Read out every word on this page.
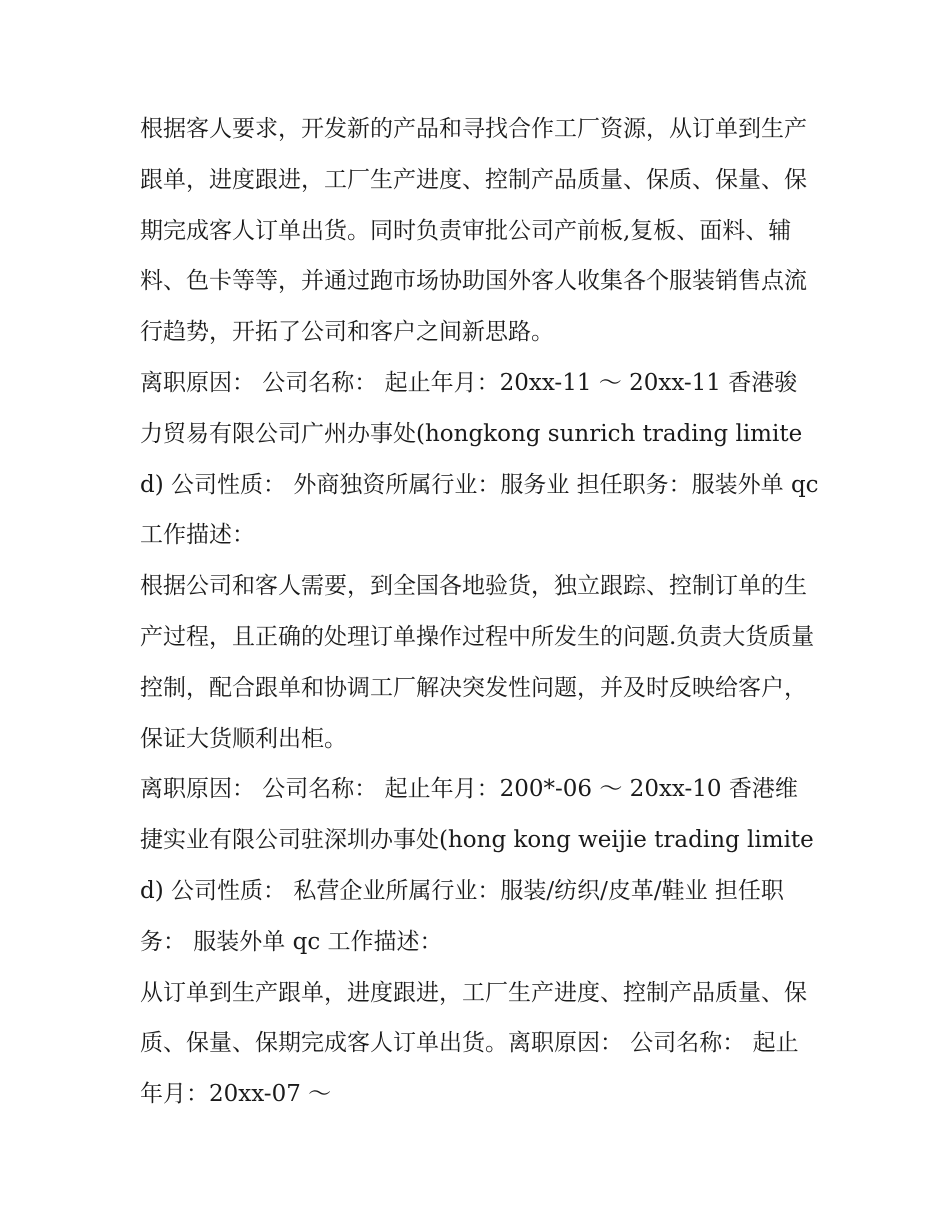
根据客人要求，开发新的产品和寻找合作工厂资源，从订单到生产跟单，进度跟进，工厂生产进度、控制产品质量、保质、保量、保期完成客人订单出货。同时负责审批公司产前板,复板、面料、辅料、色卡等等，并通过跑市场协助国外客人收集各个服装销售点流行趋势，开拓了公司和客户之间新思路。

离职原因： 公司名称： 起止年月：20xx-11 ～ 20xx-11 香港骏力贸易有限公司广州办事处(hongkong sunrich trading limited) 公司性质： 外商独资所属行业：服务业 担任职务：服装外单 qc 工作描述：

根据公司和客人需要，到全国各地验货，独立跟踪、控制订单的生产过程，且正确的处理订单操作过程中所发生的问题.负责大货质量控制，配合跟单和协调工厂解决突发性问题，并及时反映给客户，保证大货顺利出柜。

离职原因： 公司名称： 起止年月：200*-06 ～ 20xx-10 香港维捷实业有限公司驻深圳办事处(hong kong weijie trading limited) 公司性质： 私营企业所属行业：服装/纺织/皮革/鞋业 担任职务： 服装外单 qc 工作描述：

从订单到生产跟单，进度跟进，工厂生产进度、控制产品质量、保质、保量、保期完成客人订单出货。离职原因： 公司名称： 起止年月：20xx-07 ～
